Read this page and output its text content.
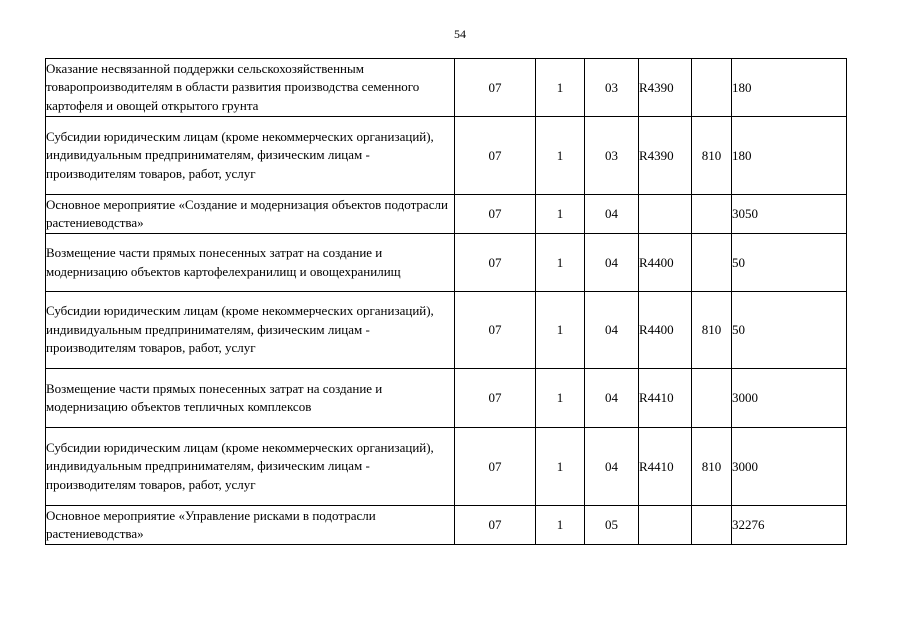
54
Оказание несвязанной поддержки сельскохозяйственным товаропроизводителям в области развития производства семенного картофеля и овощей открытого грунта	07	1	03	R4390		180
Субсидии юридическим лицам (кроме некоммерческих организаций), индивидуальным предпринимателям, физическим лицам - производителям товаров, работ, услуг	07	1	03	R4390	810	180
Основное мероприятие «Создание и модернизация объектов подотрасли растениеводства»	07	1	04			3050
Возмещение части прямых понесенных затрат на создание и модернизацию объектов картофелехранилищ и овощехранилищ	07	1	04	R4400		50
Субсидии юридическим лицам (кроме некоммерческих организаций), индивидуальным предпринимателям, физическим лицам - производителям товаров, работ, услуг	07	1	04	R4400	810	50
Возмещение части прямых понесенных затрат на создание и модернизацию объектов тепличных комплексов	07	1	04	R4410		3000
Субсидии юридическим лицам (кроме некоммерческих организаций), индивидуальным предпринимателям, физическим лицам - производителям товаров, работ, услуг	07	1	04	R4410	810	3000
Основное мероприятие «Управление рисками в подотрасли растениеводства»	07	1	05			32276
